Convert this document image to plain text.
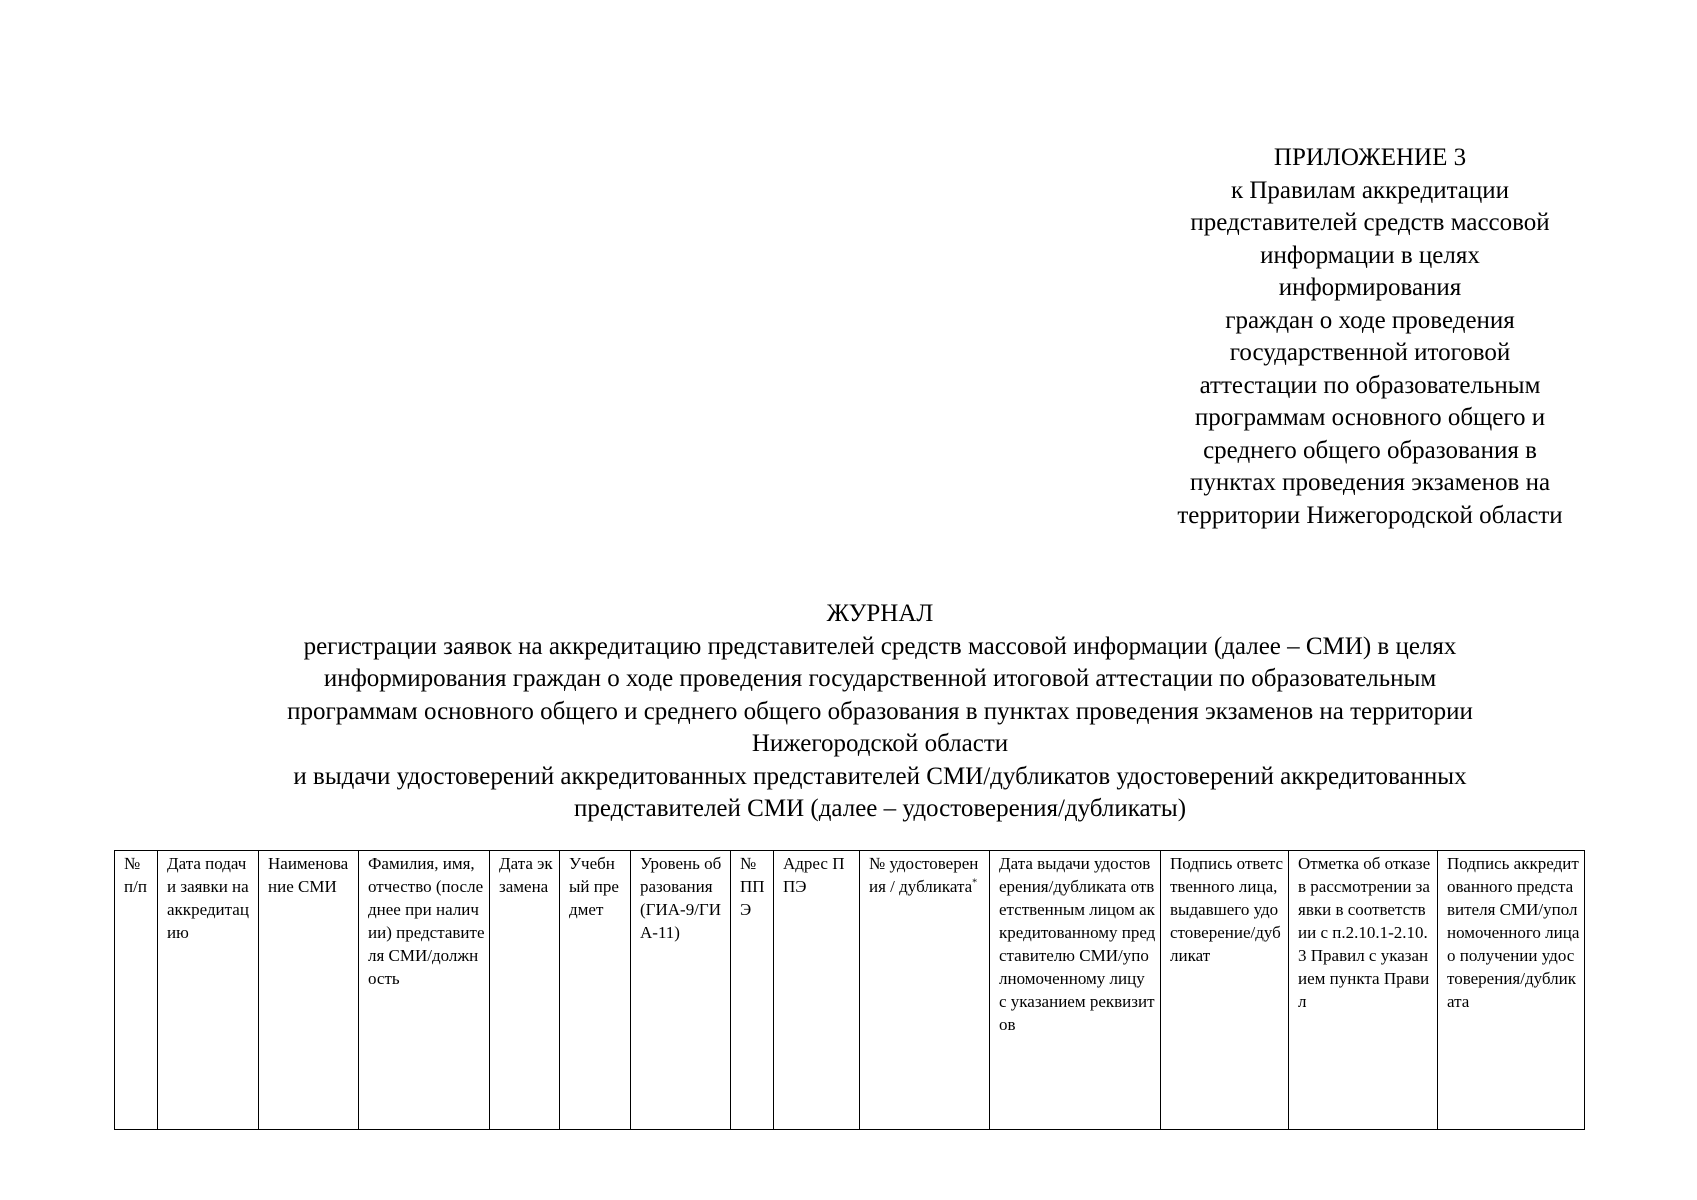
ПРИЛОЖЕНИЕ 3
к Правилам аккредитации
представителей средств массовой
информации в целях
информирования
граждан о ходе проведения
государственной итоговой
аттестации по образовательным
программам основного общего и
среднего общего образования в
пунктах проведения экзаменов на
территории Нижегородской области
ЖУРНАЛ
регистрации заявок на аккредитацию представителей средств массовой информации (далее – СМИ) в целях
информирования граждан о ходе проведения государственной итоговой аттестации по образовательным
программам основного общего и среднего общего образования в пунктах проведения экзаменов на территории
Нижегородской области
и выдачи удостоверений аккредитованных представителей СМИ/дубликатов удостоверений аккредитованных
представителей СМИ (далее – удостоверения/дубликаты)
№ п/п	Дата подачи заявки на аккредитацию	Наименование СМИ	Фамилия, имя, отчество (последнее при наличии) представителя СМИ/должность	Дата экзамена	Учебный предмет	Уровень образования (ГИА-9/ГИА-11)	№ ППЭ	Адрес ППЭ	№ удостоверения / дубликата*	Дата выдачи удостоверения/дубликата ответственным лицом аккредитованному представителю СМИ/уполномоченному лицу с указанием реквизитов	Подпись ответственного лица, выдавшего удостоверение/дубликат	Отметка об отказе в рассмотрении заявки в соответствии с п.2.10.1-2.10.3 Правил с указанием пункта Правил	Подпись аккредитованного представителя СМИ/уполномоченного лица о получении удостоверения/дубликата
